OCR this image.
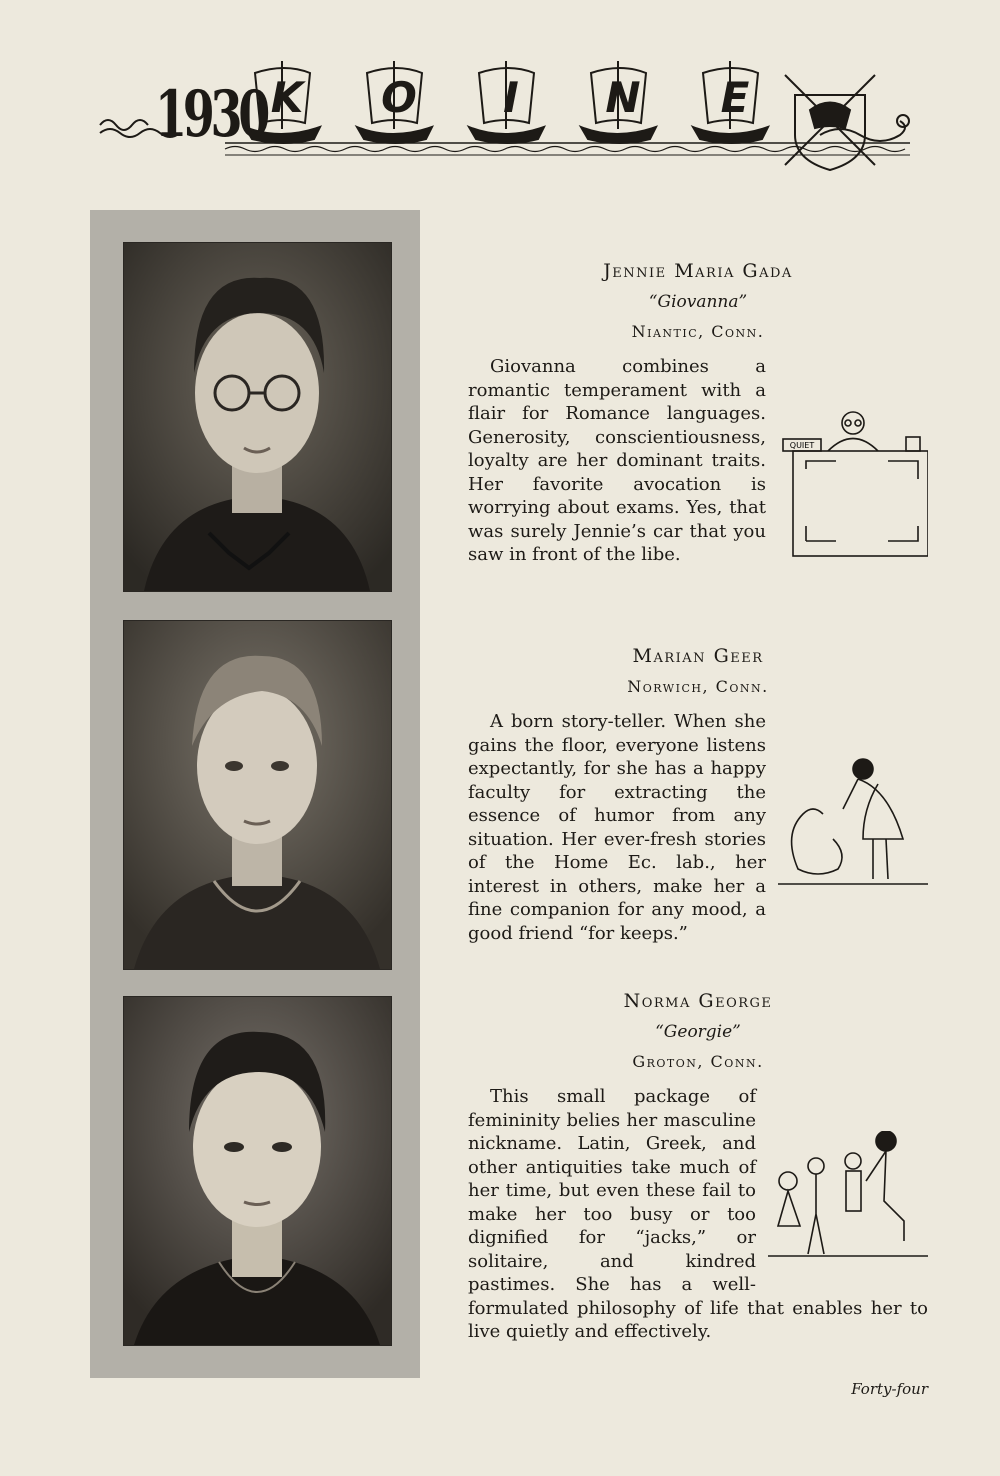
1930 K	O	I	N	E
Jennie Maria Gada
“Giovanna”
Niantic, Conn.
QUIET
Giovanna combines a romantic temperament with a flair for Romance languages. Generosity, conscientiousness, loyalty are her dominant traits. Her favorite avocation is worrying about exams. Yes, that was surely Jennie’s car that you saw in front of the libe.
Marian Geer
Norwich, Conn.
A born story-teller. When she gains the floor, everyone listens expectantly, for she has a happy faculty for extracting the essence of humor from any situation. Her ever-fresh stories of the Home Ec. lab., her interest in others, make her a fine companion for any mood, a good friend “for keeps.”
Norma George
“Georgie”
Groton, Conn.
This small package of femininity belies her masculine nickname. Latin, Greek, and other antiquities take much of her time, but even these fail to make her too busy or too dignified for “jacks,” or solitaire, and kindred pastimes. She has a well-formulated philosophy of life that enables her to live quietly and effectively.
Forty-four
